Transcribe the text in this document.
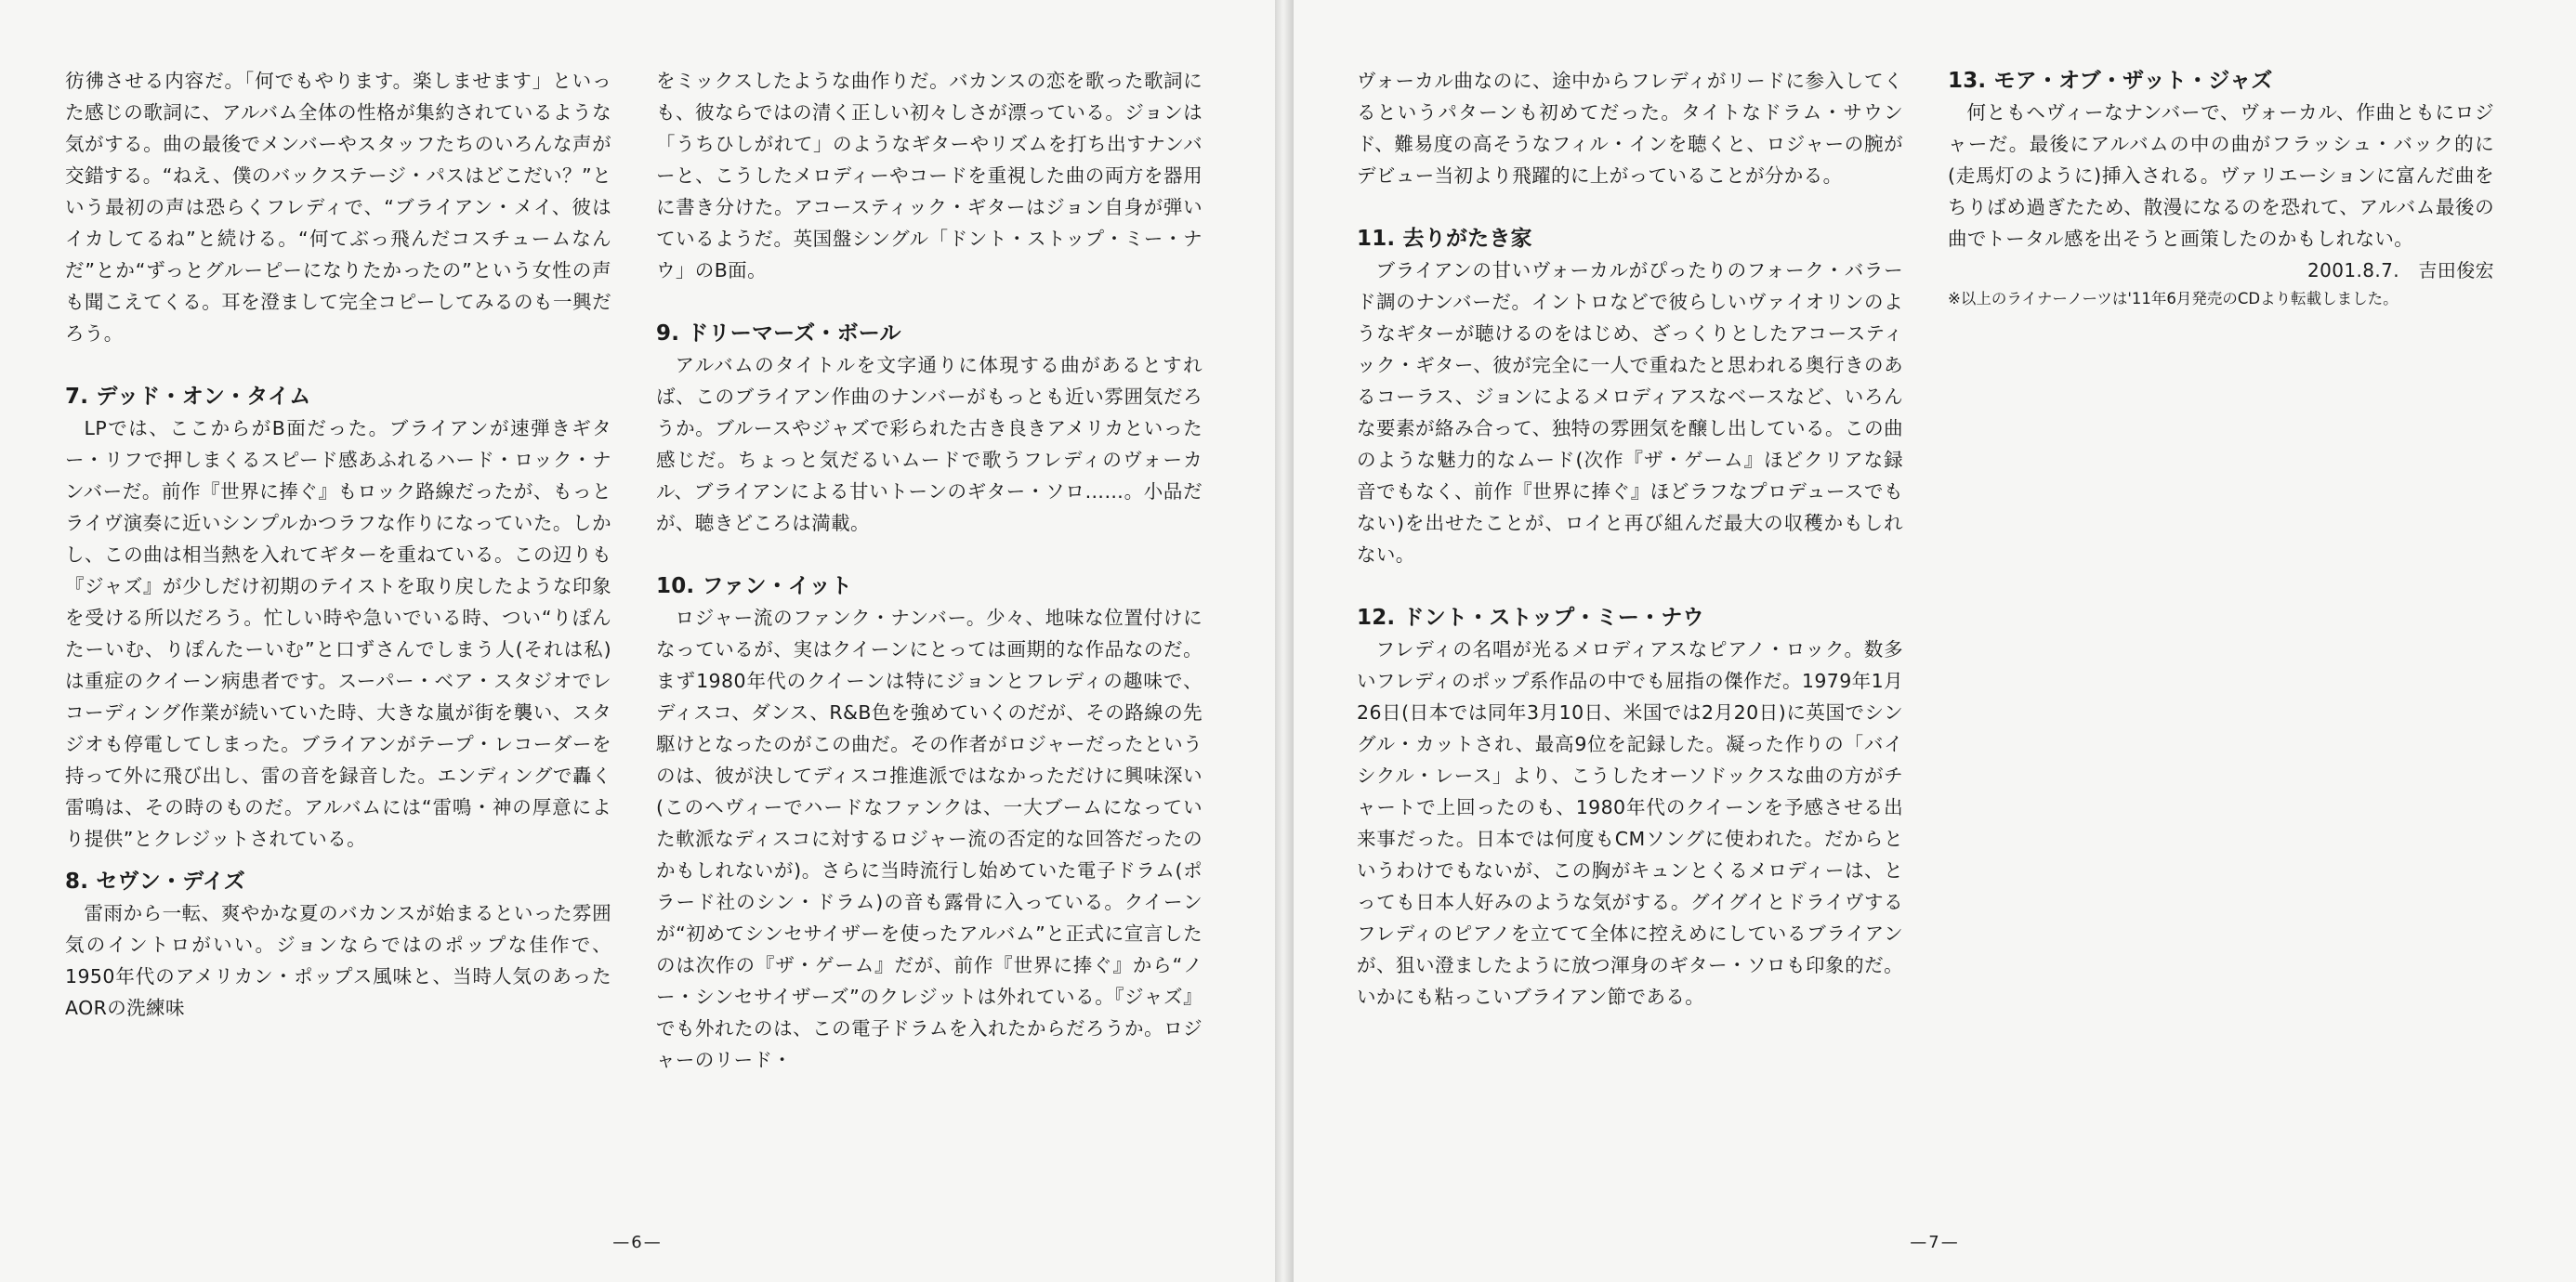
彷彿させる内容だ。「何でもやります。楽しませます」といった感じの歌詞に、アルバム全体の性格が集約されているような気がする。曲の最後でメンバーやスタッフたちのいろんな声が交錯する。“ねえ、僕のバックステージ・パスはどこだい？”という最初の声は恐らくフレディで、“ブライアン・メイ、彼はイカしてるね”と続ける。“何てぶっ飛んだコスチュームなんだ”とか“ずっとグルーピーになりたかったの”という女性の声も聞こえてくる。耳を澄まして完全コピーしてみるのも一興だろう。

7. デッド・オン・タイム

LPでは、ここからがB面だった。ブライアンが速弾きギター・リフで押しまくるスピード感あふれるハード・ロック・ナンバーだ。前作『世界に捧ぐ』もロック路線だったが、もっとライヴ演奏に近いシンプルかつラフな作りになっていた。しかし、この曲は相当熱を入れてギターを重ねている。この辺りも『ジャズ』が少しだけ初期のテイストを取り戻したような印象を受ける所以だろう。忙しい時や急いでいる時、つい“りぽんたーいむ、りぽんたーいむ”と口ずさんでしまう人(それは私)は重症のクイーン病患者です。スーパー・ベア・スタジオでレコーディング作業が続いていた時、大きな嵐が街を襲い、スタジオも停電してしまった。ブライアンがテープ・レコーダーを持って外に飛び出し、雷の音を録音した。エンディングで轟く雷鳴は、その時のものだ。アルバムには“雷鳴・神の厚意により提供”とクレジットされている。

8. セヴン・デイズ

雷雨から一転、爽やかな夏のバカンスが始まるといった雰囲気のイントロがいい。ジョンならではのポップな佳作で、1950年代のアメリカン・ポップス風味と、当時人気のあったAORの洗練味

をミックスしたような曲作りだ。バカンスの恋を歌った歌詞にも、彼ならではの清く正しい初々しさが漂っている。ジョンは「うちひしがれて」のようなギターやリズムを打ち出すナンバーと、こうしたメロディーやコードを重視した曲の両方を器用に書き分けた。アコースティック・ギターはジョン自身が弾いているようだ。英国盤シングル「ドント・ストップ・ミー・ナウ」のB面。

9. ドリーマーズ・ボール

アルバムのタイトルを文字通りに体現する曲があるとすれば、このブライアン作曲のナンバーがもっとも近い雰囲気だろうか。ブルースやジャズで彩られた古き良きアメリカといった感じだ。ちょっと気だるいムードで歌うフレディのヴォーカル、ブライアンによる甘いトーンのギター・ソロ……。小品だが、聴きどころは満載。

10. ファン・イット

ロジャー流のファンク・ナンバー。少々、地味な位置付けになっているが、実はクイーンにとっては画期的な作品なのだ。まず1980年代のクイーンは特にジョンとフレディの趣味で、ディスコ、ダンス、R&B色を強めていくのだが、その路線の先駆けとなったのがこの曲だ。その作者がロジャーだったというのは、彼が決してディスコ推進派ではなかっただけに興味深い(このヘヴィーでハードなファンクは、一大ブームになっていた軟派なディスコに対するロジャー流の否定的な回答だったのかもしれないが)。さらに当時流行し始めていた電子ドラム(ポラード社のシン・ドラム)の音も露骨に入っている。クイーンが“初めてシンセサイザーを使ったアルバム”と正式に宣言したのは次作の『ザ・ゲーム』だが、前作『世界に捧ぐ』から“ノー・シンセサイザーズ”のクレジットは外れている。『ジャズ』でも外れたのは、この電子ドラムを入れたからだろうか。ロジャーのリード・

—6—

ヴォーカル曲なのに、途中からフレディがリードに参入してくるというパターンも初めてだった。タイトなドラム・サウンド、難易度の高そうなフィル・インを聴くと、ロジャーの腕がデビュー当初より飛躍的に上がっていることが分かる。

11. 去りがたき家

ブライアンの甘いヴォーカルがぴったりのフォーク・バラード調のナンバーだ。イントロなどで彼らしいヴァイオリンのようなギターが聴けるのをはじめ、ざっくりとしたアコースティック・ギター、彼が完全に一人で重ねたと思われる奥行きのあるコーラス、ジョンによるメロディアスなベースなど、いろんな要素が絡み合って、独特の雰囲気を醸し出している。この曲のような魅力的なムード(次作『ザ・ゲーム』ほどクリアな録音でもなく、前作『世界に捧ぐ』ほどラフなプロデュースでもない)を出せたことが、ロイと再び組んだ最大の収穫かもしれない。

12. ドント・ストップ・ミー・ナウ

フレディの名唱が光るメロディアスなピアノ・ロック。数多いフレディのポップ系作品の中でも屈指の傑作だ。1979年1月26日(日本では同年3月10日、米国では2月20日)に英国でシングル・カットされ、最高9位を記録した。凝った作りの「バイシクル・レース」より、こうしたオーソドックスな曲の方がチャートで上回ったのも、1980年代のクイーンを予感させる出来事だった。日本では何度もCMソングに使われた。だからというわけでもないが、この胸がキュンとくるメロディーは、とっても日本人好みのような気がする。グイグイとドライヴするフレディのピアノを立てて全体に控えめにしているブライアンが、狙い澄ましたように放つ渾身のギター・ソロも印象的だ。いかにも粘っこいブライアン節である。

13. モア・オブ・ザット・ジャズ

何ともヘヴィーなナンバーで、ヴォーカル、作曲ともにロジャーだ。最後にアルバムの中の曲がフラッシュ・バック的に(走馬灯のように)挿入される。ヴァリエーションに富んだ曲をちりばめ過ぎたため、散漫になるのを恐れて、アルバム最後の曲でトータル感を出そうと画策したのかもしれない。

2001.8.7.　吉田俊宏

※以上のライナーノーツは'11年6月発売のCDより転載しました。

—7—
